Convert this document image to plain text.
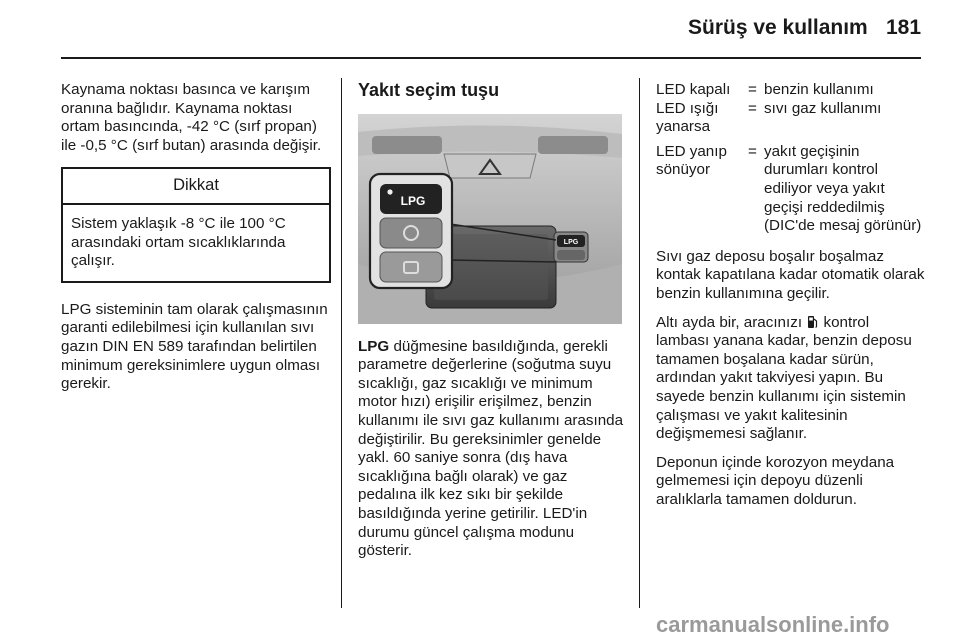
Sürüş ve kullanım 181

Kaynama noktası basınca ve karışım oranına bağlıdır. Kaynama noktası ortam basıncında, -42 °C (sırf propan) ile -0,5 °C (sırf butan) arasında değişir.

Dikkat
Sistem yaklaşık -8 °C ile 100 °C arasındaki ortam sıcaklıklarında çalışır.

LPG sisteminin tam olarak çalışmasının garanti edilebilmesi için kullanılan sıvı gazın DIN EN 589 tarafından belirtilen minimum gereksinimlere uygun olması gerekir.

Yakıt seçim tuşu
LPG
LPG

LPG düğmesine basıldığında, gerekli parametre değerlerine (soğutma suyu sıcaklığı, gaz sıcaklığı ve minimum motor hızı) erişilir erişilmez, benzin kullanımı ile sıvı gaz kullanımı arasında değiştirilir. Bu gereksinimler genelde yakl. 60 saniye sonra (dış hava sıcaklığına bağlı olarak) ve gaz pedalına ilk kez sıkı bir şekilde basıldığında yerine getirilir. LED'in durumu güncel çalışma modunu gösterir.

LED kapalı	=	benzin kullanımı
LED ışığı yanarsa	=	sıvı gaz kullanımı
LED yanıp sönüyor	=	yakıt geçişinin durumları kontrol ediliyor veya yakıt geçişi reddedilmiş (DIC'de mesaj görünür)

Sıvı gaz deposu boşalır boşalmaz kontak kapatılana kadar otomatik olarak benzin kullanımına geçilir.

Altı ayda bir, aracınızı  kontrol lambası yanana kadar, benzin deposu tamamen boşalana kadar sürün, ardından yakıt takviyesi yapın. Bu sayede benzin kullanımı için sistemin çalışması ve yakıt kalitesinin değişmemesi sağlanır.

Deponun içinde korozyon meydana gelmemesi için depoyu düzenli aralıklarla tamamen doldurun.

carmanualsonline.info
